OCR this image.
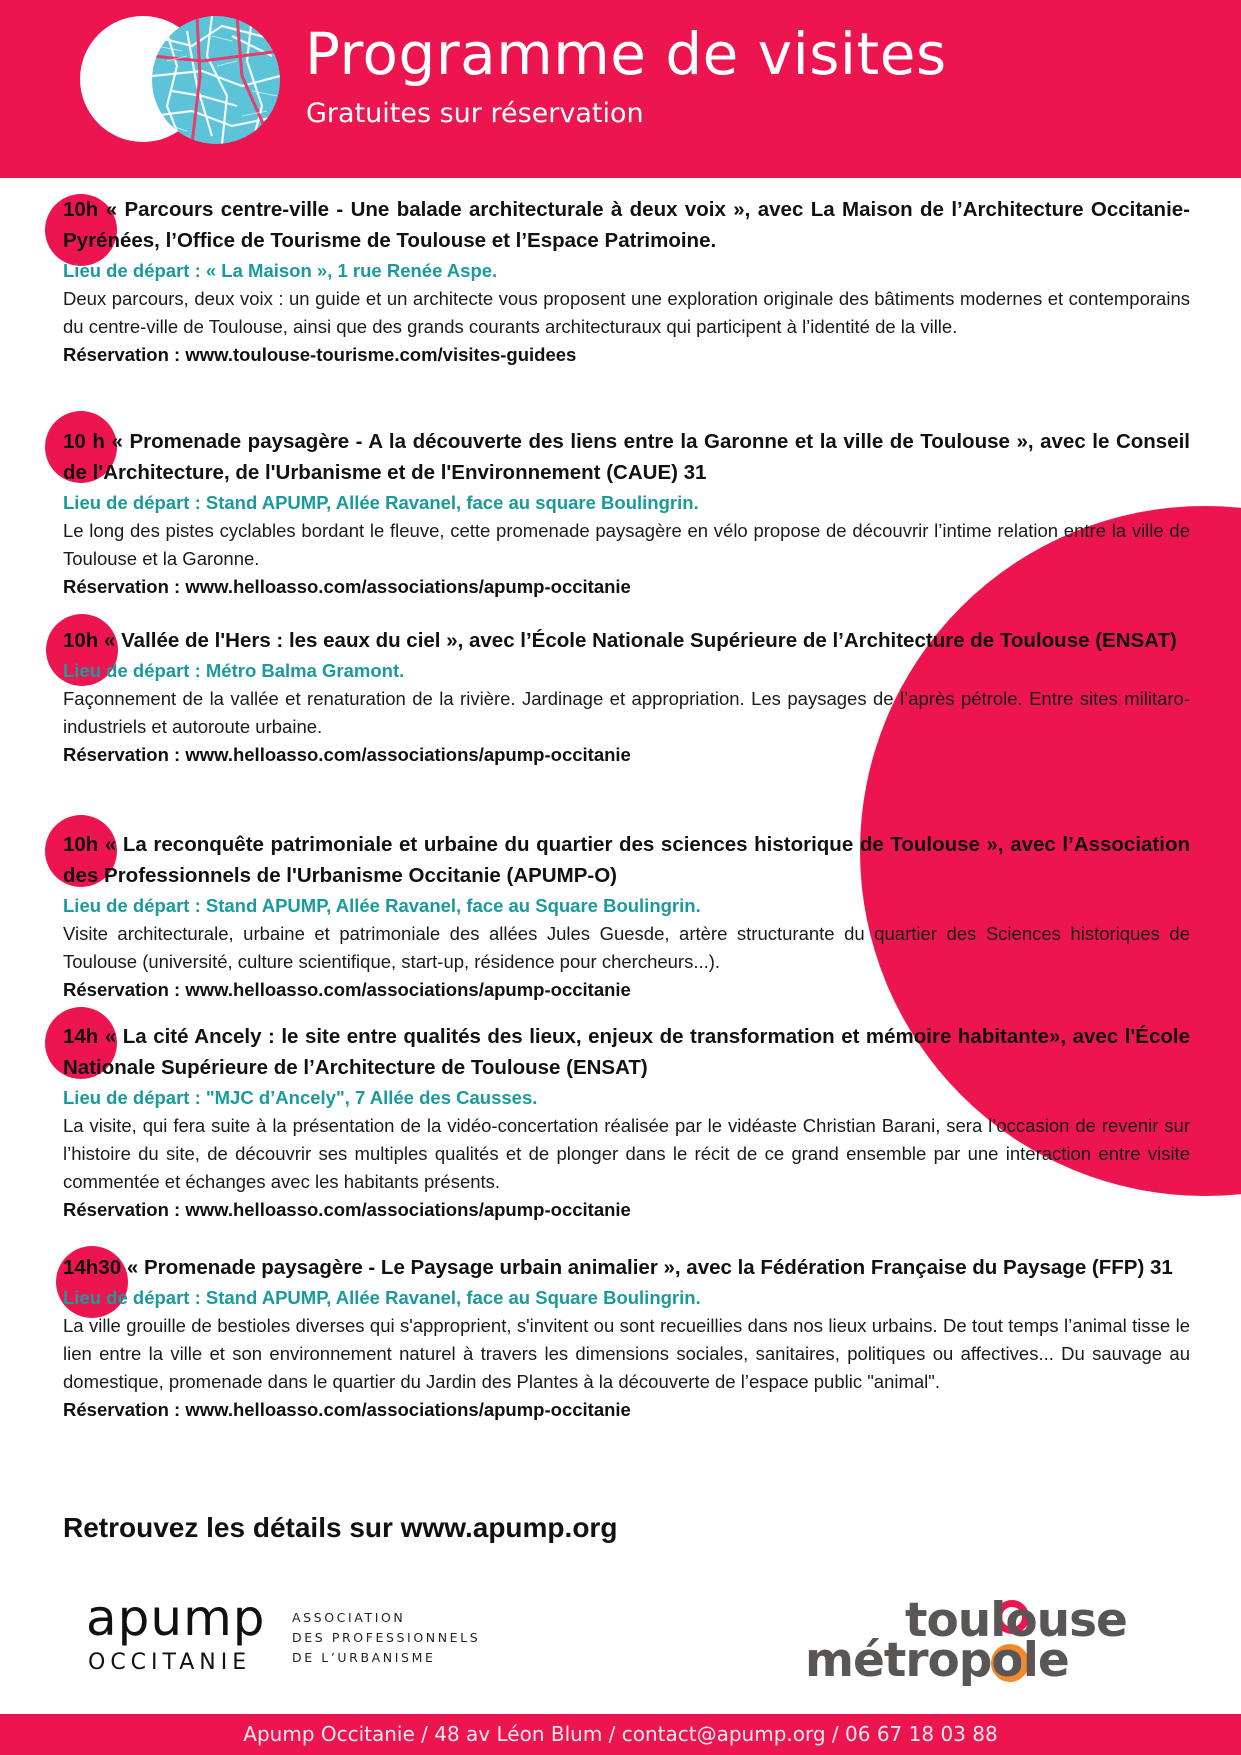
Programme de visites
Gratuites sur réservation
10h « Parcours centre-ville - Une balade architecturale à deux voix », avec La Maison de l’Architecture Occitanie-Pyrénées, l’Office de Tourisme de Toulouse et l’Espace Patrimoine.
Lieu de départ : « La Maison », 1 rue Renée Aspe.
Deux parcours, deux voix : un guide et un architecte vous proposent une exploration originale des bâtiments modernes et contemporains du centre-ville de Toulouse, ainsi que des grands courants architecturaux qui participent à l’identité de la ville.
Réservation : www.toulouse-tourisme.com/visites-guidees
10 h « Promenade paysagère - A la découverte des liens entre la Garonne et la ville de Toulouse », avec le Conseil de l'Architecture, de l'Urbanisme et de l'Environnement (CAUE) 31
Lieu de départ : Stand APUMP, Allée Ravanel, face au square Boulingrin.
Le long des pistes cyclables bordant le fleuve, cette promenade paysagère en vélo propose de découvrir l’intime relation entre la ville de Toulouse et la Garonne.
Réservation : www.helloasso.com/associations/apump-occitanie
10h « Vallée de l'Hers : les eaux du ciel », avec l’École Nationale Supérieure de l’Architecture de Toulouse (ENSAT)
Lieu de départ : Métro Balma Gramont.
Façonnement de la vallée et renaturation de la rivière. Jardinage et appropriation. Les paysages de l’après pétrole. Entre sites militaro-industriels et autoroute urbaine.
Réservation : www.helloasso.com/associations/apump-occitanie
10h « La reconquête patrimoniale et urbaine du quartier des sciences historique de Toulouse », avec l’Association des Professionnels de l'Urbanisme Occitanie (APUMP-O)
Lieu de départ : Stand APUMP, Allée Ravanel, face au Square Boulingrin.
Visite architecturale, urbaine et patrimoniale des allées Jules Guesde, artère structurante du quartier des Sciences historiques de Toulouse (université, culture scientifique, start-up, résidence pour chercheurs...).
Réservation : www.helloasso.com/associations/apump-occitanie
14h « La cité Ancely : le site entre qualités des lieux, enjeux de transformation et mémoire habitante», avec l'École Nationale Supérieure de l’Architecture de Toulouse (ENSAT)
Lieu de départ : "MJC d’Ancely", 7 Allée des Causses.
La visite, qui fera suite à la présentation de la vidéo-concertation réalisée par le vidéaste Christian Barani, sera l’occasion de revenir sur l’histoire du site, de découvrir ses multiples qualités et de plonger dans le récit de ce grand ensemble par une interaction entre visite commentée et échanges avec les habitants présents.
Réservation : www.helloasso.com/associations/apump-occitanie
14h30 « Promenade paysagère - Le Paysage urbain animalier », avec la Fédération Française du Paysage (FFP) 31
Lieu de départ : Stand APUMP, Allée Ravanel, face au Square Boulingrin.
La ville grouille de bestioles diverses qui s'approprient, s'invitent ou sont recueillies dans nos lieux urbains. De tout temps l’animal tisse le lien entre la ville et son environnement naturel à travers les dimensions sociales, sanitaires, politiques ou affectives... Du sauvage au domestique, promenade dans le quartier du Jardin des Plantes à la découverte de l’espace public "animal".
Réservation : www.helloasso.com/associations/apump-occitanie
Retrouvez les détails sur www.apump.org
apump
OCCITANIE
ASSOCIATION
DES PROFESSIONNELS
DE L’URBANISME
toulouse
métropole
Apump Occitanie / 48 av Léon Blum / contact@apump.org / 06 67 18 03 88
